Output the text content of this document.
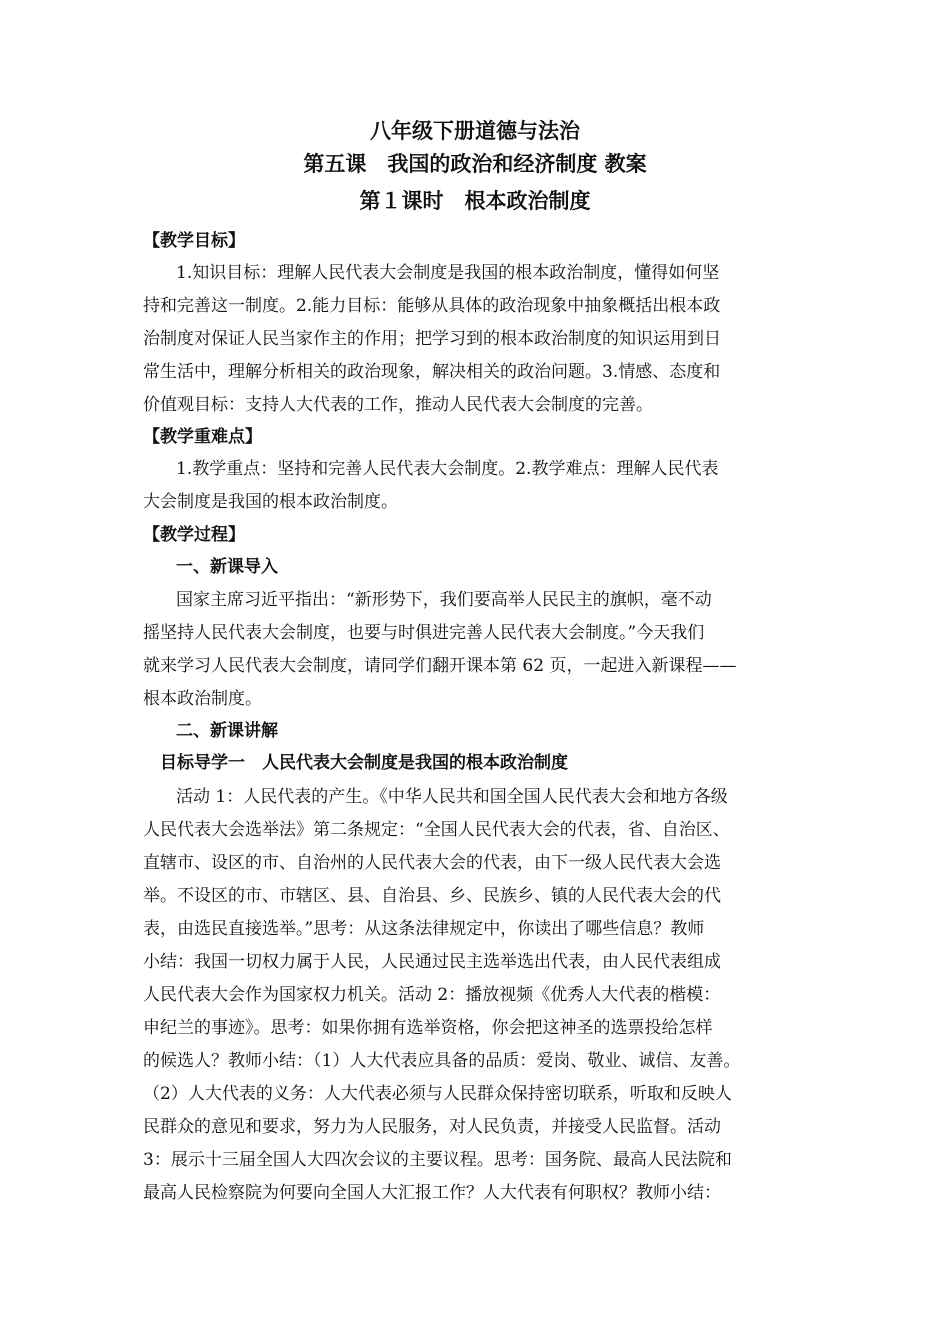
八年级下册道德与法治
第五课　我国的政治和经济制度 教案
第１课时　根本政治制度
【教学目标】
1.知识目标：理解人民代表大会制度是我国的根本政治制度，懂得如何坚
持和完善这一制度。2.能力目标：能够从具体的政治现象中抽象概括出根本政
治制度对保证人民当家作主的作用；把学习到的根本政治制度的知识运用到日
常生活中，理解分析相关的政治现象，解决相关的政治问题。3.情感、态度和
价值观目标：支持人大代表的工作，推动人民代表大会制度的完善。
【教学重难点】
1.教学重点：坚持和完善人民代表大会制度。2.教学难点：理解人民代表
大会制度是我国的根本政治制度。
【教学过程】
一、新课导入
国家主席习近平指出：“新形势下，我们要高举人民民主的旗帜，毫不动
摇坚持人民代表大会制度，也要与时俱进完善人民代表大会制度。”今天我们
就来学习人民代表大会制度，请同学们翻开课本第 62 页，一起进入新课程——
根本政治制度。
二、新课讲解
目标导学一　人民代表大会制度是我国的根本政治制度
活动 1：人民代表的产生。《中华人民共和国全国人民代表大会和地方各级
人民代表大会选举法》第二条规定：“全国人民代表大会的代表，省、自治区、
直辖市、设区的市、自治州的人民代表大会的代表，由下一级人民代表大会选
举。不设区的市、市辖区、县、自治县、乡、民族乡、镇的人民代表大会的代
表，由选民直接选举。”思考：从这条法律规定中，你读出了哪些信息？教师
小结：我国一切权力属于人民，人民通过民主选举选出代表，由人民代表组成
人民代表大会作为国家权力机关。活动 2：播放视频《优秀人大代表的楷模：
申纪兰的事迹》。思考：如果你拥有选举资格，你会把这神圣的选票投给怎样
的候选人？教师小结：（1）人大代表应具备的品质：爱岗、敬业、诚信、友善。
（2）人大代表的义务：人大代表必须与人民群众保持密切联系，听取和反映人
民群众的意见和要求，努力为人民服务，对人民负责，并接受人民监督。活动
3：展示十三届全国人大四次会议的主要议程。思考：国务院、最高人民法院和
最高人民检察院为何要向全国人大汇报工作？人大代表有何职权？教师小结：
